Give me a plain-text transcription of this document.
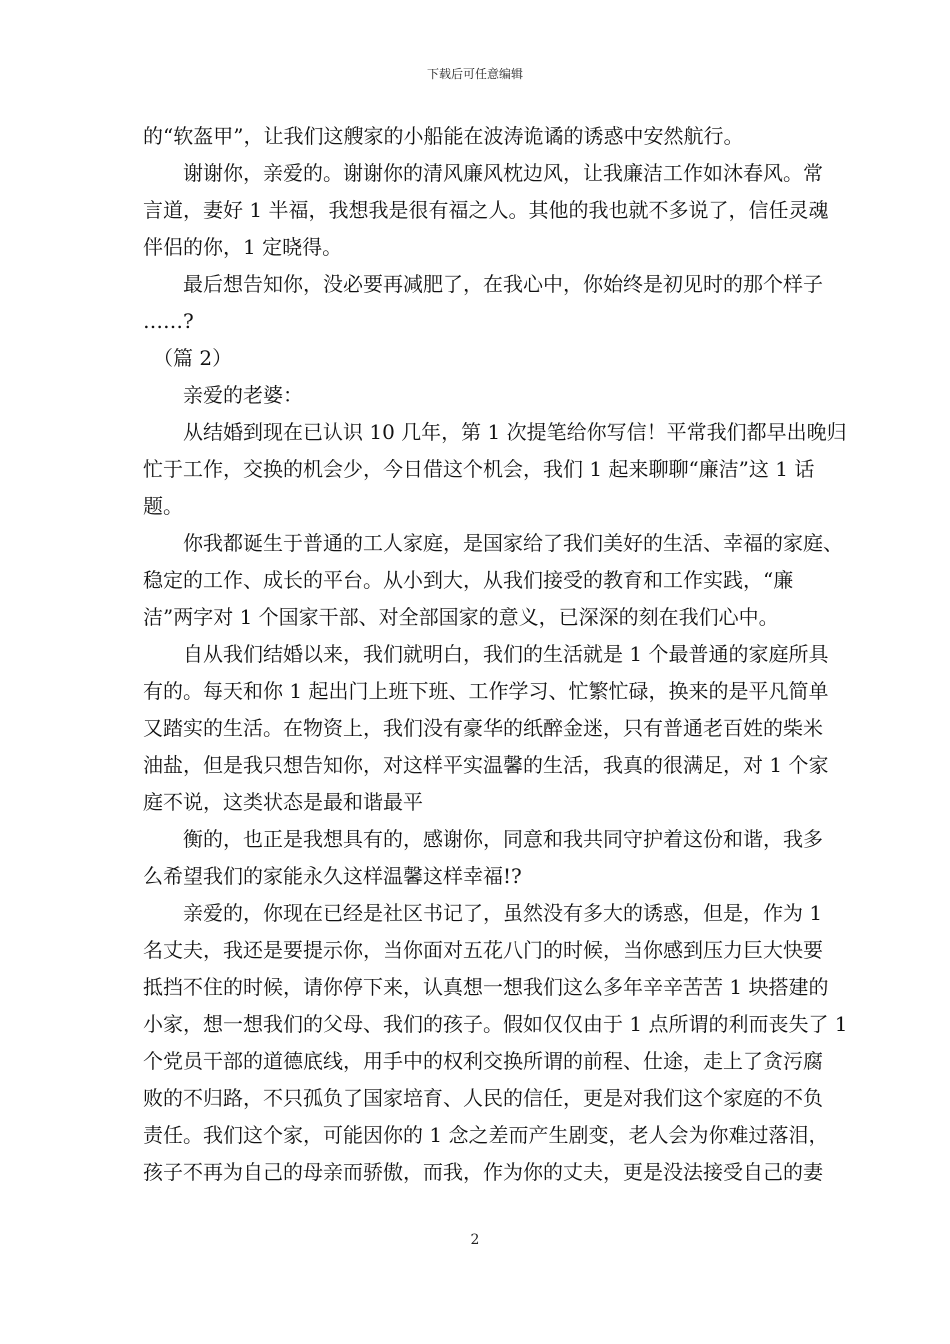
下载后可任意编辑
的“软盔甲”，让我们这艘家的小船能在波涛诡谲的诱惑中安然航行。
　　谢谢你，亲爱的。谢谢你的清风廉风枕边风，让我廉洁工作如沐春风。常
言道，妻好 1 半福，我想我是很有福之人。其他的我也就不多说了，信任灵魂
伴侣的你，1 定晓得。
　　最后想告知你，没必要再减肥了，在我心中，你始终是初见时的那个样子
……?
　（篇 2）
　　亲爱的老婆：
　　从结婚到现在已认识 10 几年，第 1 次提笔给你写信！平常我们都早出晚归
忙于工作，交换的机会少，今日借这个机会，我们 1 起来聊聊“廉洁”这 1 话
题。
　　你我都诞生于普通的工人家庭，是国家给了我们美好的生活、幸福的家庭、
稳定的工作、成长的平台。从小到大，从我们接受的教育和工作实践，“廉
洁”两字对 1 个国家干部、对全部国家的意义，已深深的刻在我们心中。
　　自从我们结婚以来，我们就明白，我们的生活就是 1 个最普通的家庭所具
有的。每天和你 1 起出门上班下班、工作学习、忙繁忙碌，换来的是平凡简单
又踏实的生活。在物资上，我们没有豪华的纸醉金迷，只有普通老百姓的柴米
油盐，但是我只想告知你，对这样平实温馨的生活，我真的很满足，对 1 个家
庭不说，这类状态是最和谐最平
　　衡的，也正是我想具有的，感谢你，同意和我共同守护着这份和谐，我多
么希望我们的家能永久这样温馨这样幸福!?
　　亲爱的，你现在已经是社区书记了，虽然没有多大的诱惑，但是，作为 1
名丈夫，我还是要提示你，当你面对五花八门的时候，当你感到压力巨大快要
抵挡不住的时候，请你停下来，认真想一想我们这么多年辛辛苦苦 1 块搭建的
小家，想一想我们的父母、我们的孩子。假如仅仅由于 1 点所谓的利而丧失了 1
个党员干部的道德底线，用手中的权利交换所谓的前程、仕途，走上了贪污腐
败的不归路，不只孤负了国家培育、人民的信任，更是对我们这个家庭的不负
责任。我们这个家，可能因你的 1 念之差而产生剧变，老人会为你难过落泪，
孩子不再为自己的母亲而骄傲，而我，作为你的丈夫，更是没法接受自己的妻
2
